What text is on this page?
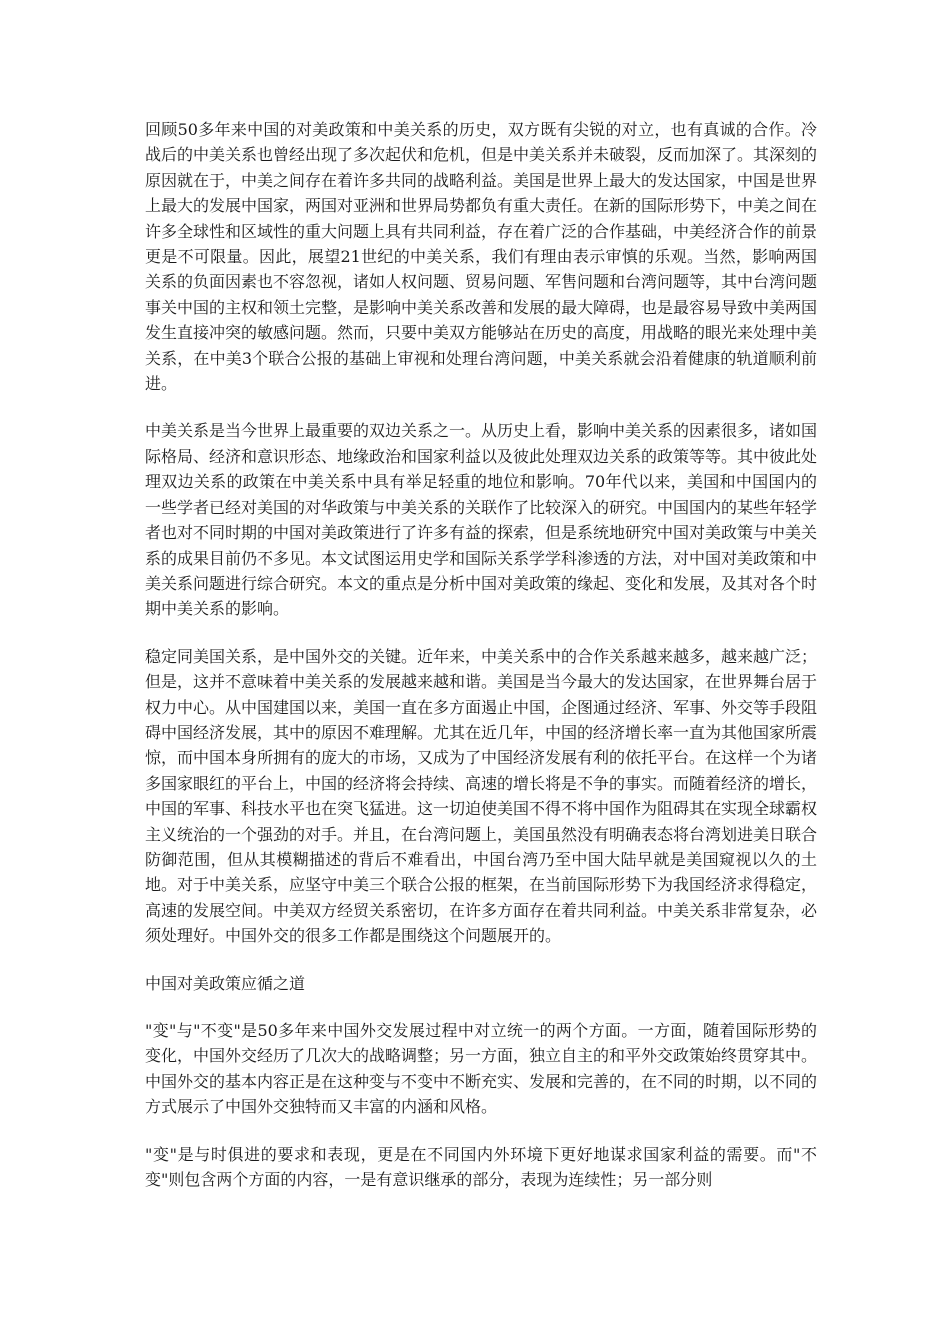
回顾50多年来中国的对美政策和中美关系的历史，双方既有尖锐的对立，也有真诚的合作。冷战后的中美关系也曾经出现了多次起伏和危机，但是中美关系并未破裂，反而加深了。其深刻的原因就在于，中美之间存在着许多共同的战略利益。美国是世界上最大的发达国家，中国是世界上最大的发展中国家，两国对亚洲和世界局势都负有重大责任。在新的国际形势下，中美之间在许多全球性和区域性的重大问题上具有共同利益，存在着广泛的合作基础，中美经济合作的前景更是不可限量。因此，展望21世纪的中美关系，我们有理由表示审慎的乐观。当然，影响两国关系的负面因素也不容忽视，诸如人权问题、贸易问题、军售问题和台湾问题等，其中台湾问题事关中国的主权和领土完整，是影响中美关系改善和发展的最大障碍，也是最容易导致中美两国发生直接冲突的敏感问题。然而，只要中美双方能够站在历史的高度，用战略的眼光来处理中美关系，在中美3个联合公报的基础上审视和处理台湾问题，中美关系就会沿着健康的轨道顺利前进。

中美关系是当今世界上最重要的双边关系之一。从历史上看，影响中美关系的因素很多，诸如国际格局、经济和意识形态、地缘政治和国家利益以及彼此处理双边关系的政策等等。其中彼此处理双边关系的政策在中美关系中具有举足轻重的地位和影响。70年代以来，美国和中国国内的一些学者已经对美国的对华政策与中美关系的关联作了比较深入的研究。中国国内的某些年轻学者也对不同时期的中国对美政策进行了许多有益的探索，但是系统地研究中国对美政策与中美关系的成果目前仍不多见。本文试图运用史学和国际关系学学科渗透的方法，对中国对美政策和中美关系问题进行综合研究。本文的重点是分析中国对美政策的缘起、变化和发展，及其对各个时期中美关系的影响。

稳定同美国关系，是中国外交的关键。近年来，中美关系中的合作关系越来越多，越来越广泛；但是，这并不意味着中美关系的发展越来越和谐。美国是当今最大的发达国家，在世界舞台居于权力中心。从中国建国以来，美国一直在多方面遏止中国，企图通过经济、军事、外交等手段阻碍中国经济发展，其中的原因不难理解。尤其在近几年，中国的经济增长率一直为其他国家所震惊，而中国本身所拥有的庞大的市场，又成为了中国经济发展有利的依托平台。在这样一个为诸多国家眼红的平台上，中国的经济将会持续、高速的增长将是不争的事实。而随着经济的增长，中国的军事、科技水平也在突飞猛进。这一切迫使美国不得不将中国作为阻碍其在实现全球霸权主义统治的一个强劲的对手。并且，在台湾问题上，美国虽然没有明确表态将台湾划进美日联合防御范围，但从其模糊描述的背后不难看出，中国台湾乃至中国大陆早就是美国窥视以久的土地。对于中美关系，应坚守中美三个联合公报的框架，在当前国际形势下为我国经济求得稳定，高速的发展空间。中美双方经贸关系密切，在许多方面存在着共同利益。中美关系非常复杂，必须处理好。中国外交的很多工作都是围绕这个问题展开的。

中国对美政策应循之道

"变"与"不变"是50多年来中国外交发展过程中对立统一的两个方面。一方面，随着国际形势的变化，中国外交经历了几次大的战略调整；另一方面，独立自主的和平外交政策始终贯穿其中。中国外交的基本内容正是在这种变与不变中不断充实、发展和完善的，在不同的时期，以不同的方式展示了中国外交独特而又丰富的内涵和风格。

"变"是与时俱进的要求和表现，更是在不同国内外环境下更好地谋求国家利益的需要。而"不变"则包含两个方面的内容，一是有意识继承的部分，表现为连续性；另一部分则
